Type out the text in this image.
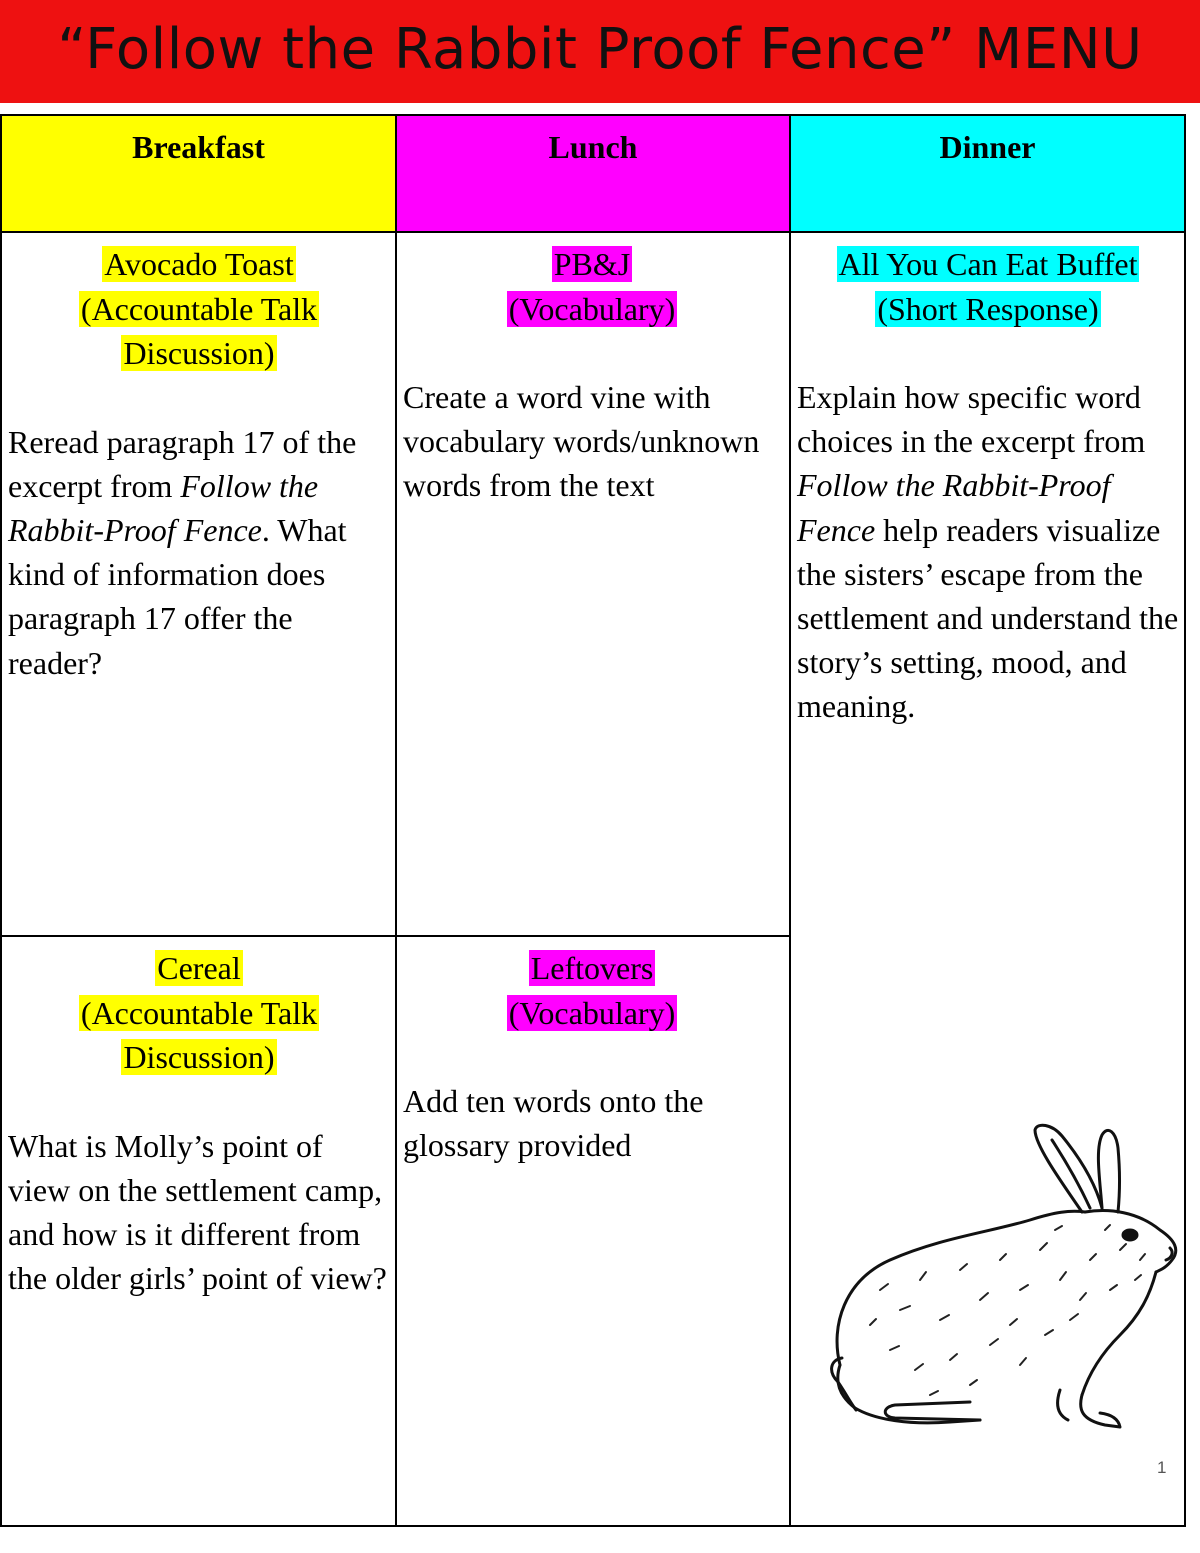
“Follow the Rabbit Proof Fence” MENU
Breakfast	Lunch	Dinner
Avocado Toast
(Accountable Talk
Discussion)
Reread paragraph 17 of the excerpt from Follow the Rabbit-Proof Fence. What kind of information does paragraph 17 offer the reader?
PB&J
(Vocabulary)
Create a word vine with vocabulary words/unknown words from the text
All You Can Eat Buffet
(Short Response)
Explain how specific word choices in the excerpt from Follow the Rabbit-Proof Fence help readers visualize the sisters’ escape from the settlement and understand the story’s setting, mood, and meaning.
Cereal
(Accountable Talk
Discussion)
What is Molly’s point of view on the settlement camp, and how is it different from the older girls’ point of view?
Leftovers
(Vocabulary)
Add ten words onto the glossary provided
1
